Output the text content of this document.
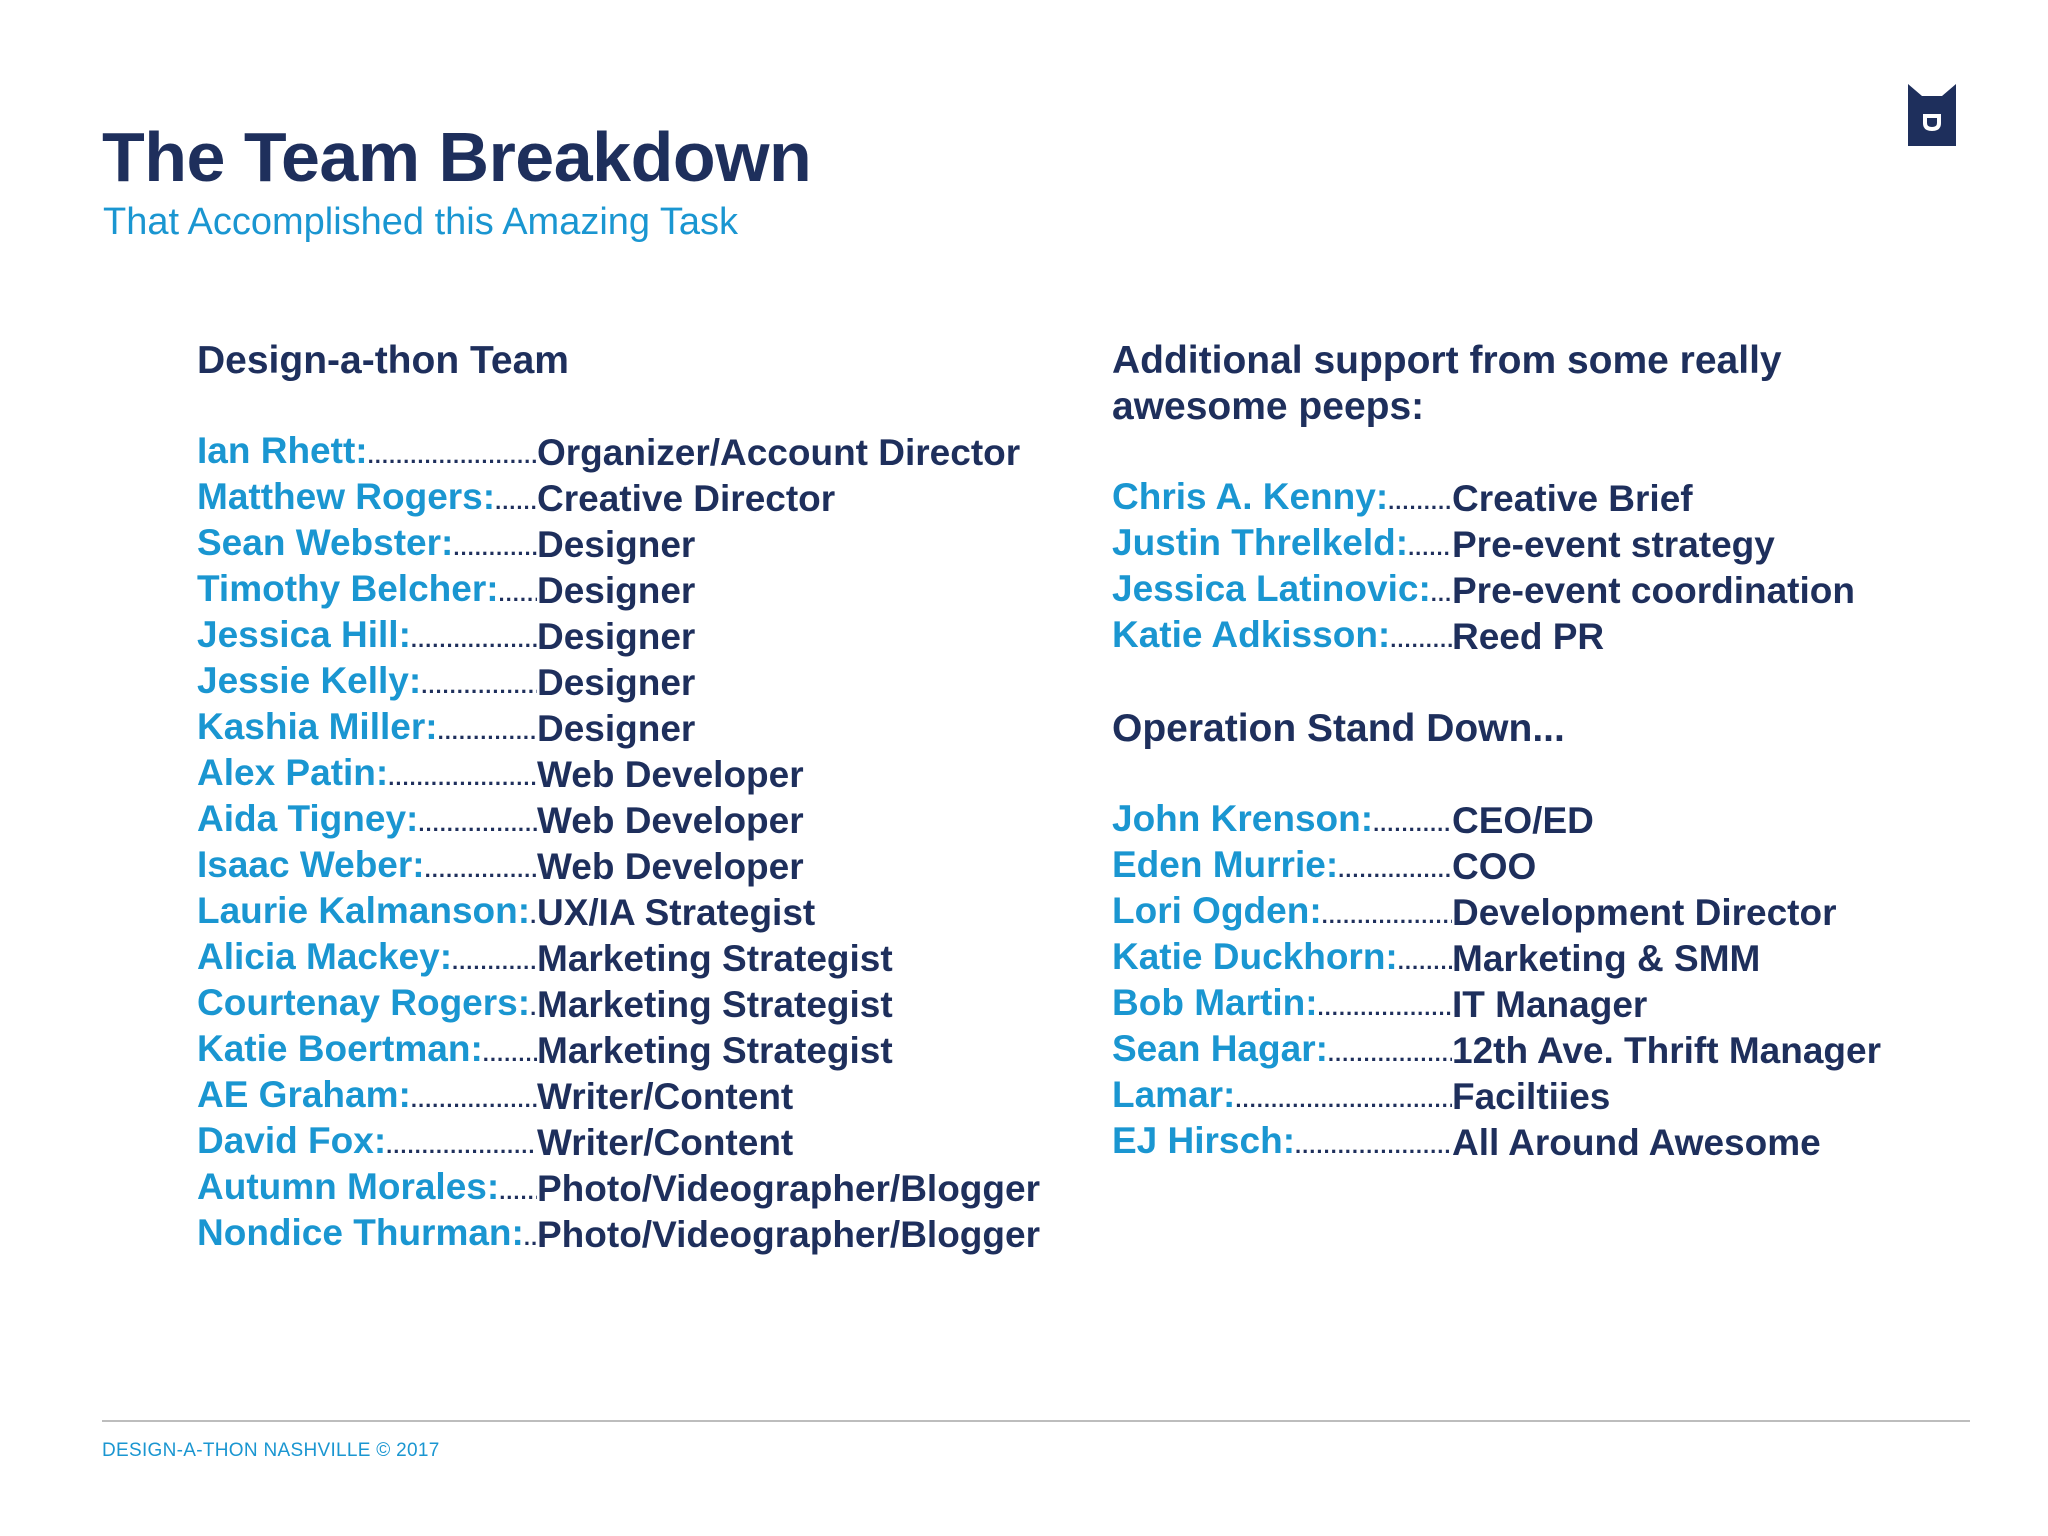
The Team Breakdown
That Accomplished this Amazing Task
Design-a-thon Team
Ian Rhett: .....	Organizer/Account Director
Matthew Rogers: ..... Creative Director
Sean Webster: ..... Designer
Timothy Belcher: ..... Designer
Jessica Hill: .....	Designer
Jessie Kelly: .....	Designer
Kashia Miller: .....	Designer
Alex Patin: .....	Web Developer
Aida Tigney: .....	Web Developer
Isaac Weber: .....	Web Developer
Laurie Kalmanson: ..... UX/IA Strategist
Alicia Mackey: ..... Marketing Strategist
Courtenay Rogers: ..... Marketing Strategist
Katie Boertman: ..... Marketing Strategist
AE Graham: .....	Writer/Content
David Fox: .....	Writer/Content
Autumn Morales: ..... Photo/Videographer/Blogger
Nondice Thurman: ..... Photo/Videographer/Blogger
Additional support from some really
awesome peeps:
Chris A. Kenny: ..... Creative Brief
Justin Threlkeld: ..... Pre-event strategy
Jessica Latinovic: ..... Pre-event coordination
Katie Adkisson: ..... Reed PR
Operation Stand Down...
John Krenson: ..... CEO/ED
Eden Murrie: .....	COO
Lori Ogden: .....	Development Director
Katie Duckhorn: ..... Marketing & SMM
Bob Martin: .....	IT Manager
Sean Hagar: .....	12th Ave. Thrift Manager
Lamar: .....	Faciltiies
EJ Hirsch: .....	All Around Awesome

DESIGN-A-THON NASHVILLE © 2017
